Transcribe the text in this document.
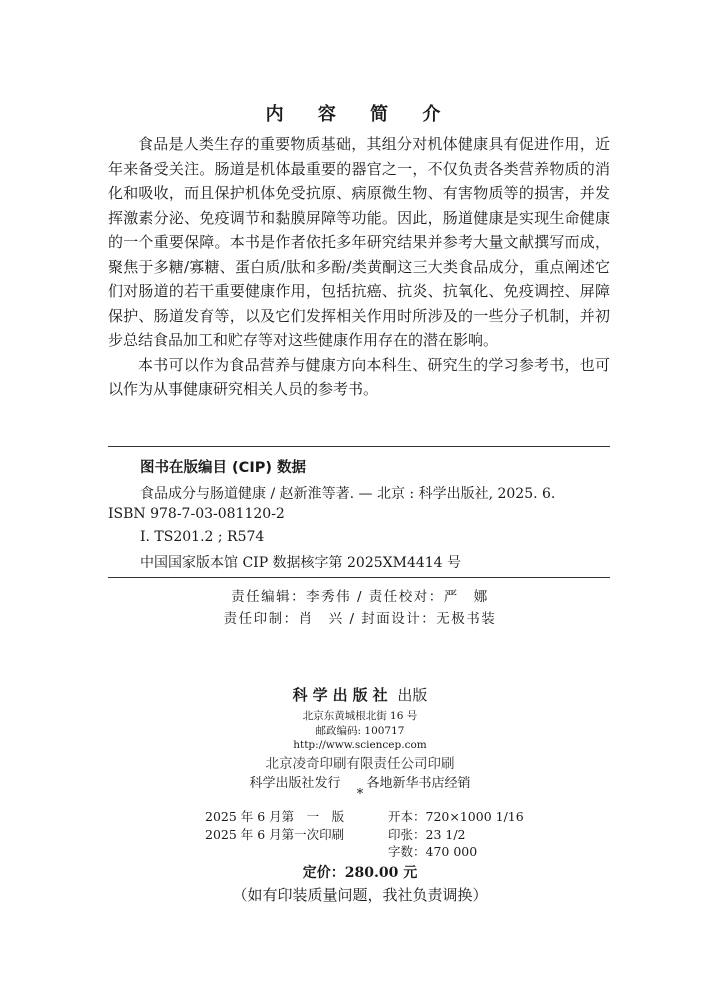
内 容 简 介

食品是人类生存的重要物质基础，其组分对机体健康具有促进作用，近年来备受关注。肠道是机体最重要的器官之一，不仅负责各类营养物质的消化和吸收，而且保护机体免受抗原、病原微生物、有害物质等的损害，并发挥激素分泌、免疫调节和黏膜屏障等功能。因此，肠道健康是实现生命健康的一个重要保障。本书是作者依托多年研究结果并参考大量文献撰写而成，聚焦于多糖/寡糖、蛋白质/肽和多酚/类黄酮这三大类食品成分，重点阐述它们对肠道的若干重要健康作用，包括抗癌、抗炎、抗氧化、免疫调控、屏障保护、肠道发育等，以及它们发挥相关作用时所涉及的一些分子机制，并初步总结食品加工和贮存等对这些健康作用存在的潜在影响。

本书可以作为食品营养与健康方向本科生、研究生的学习参考书，也可以作为从事健康研究相关人员的参考书。

图书在版编目 (CIP) 数据
食品成分与肠道健康 / 赵新淮等著. — 北京 : 科学出版社, 2025. 6.
ISBN 978-7-03-081120-2
Ⅰ. TS201.2 ; R574
中国国家版本馆 CIP 数据核字第 2025XM4414 号
责任编辑：李秀伟 / 责任校对：严　娜
责任印制：肖　兴 / 封面设计：无极书装
科学出版社 出版
北京东黄城根北街 16 号
邮政编码: 100717
http://www.sciencep.com
北京凌奇印刷有限责任公司印刷
科学出版社发行　　各地新华书店经销
*
2025 年 6 月第　一　版	开本：720×1000 1/16
2025 年 6 月第一次印刷	印张：23 1/2
字数：470 000
定价：280.00 元
（如有印装质量问题，我社负责调换）
